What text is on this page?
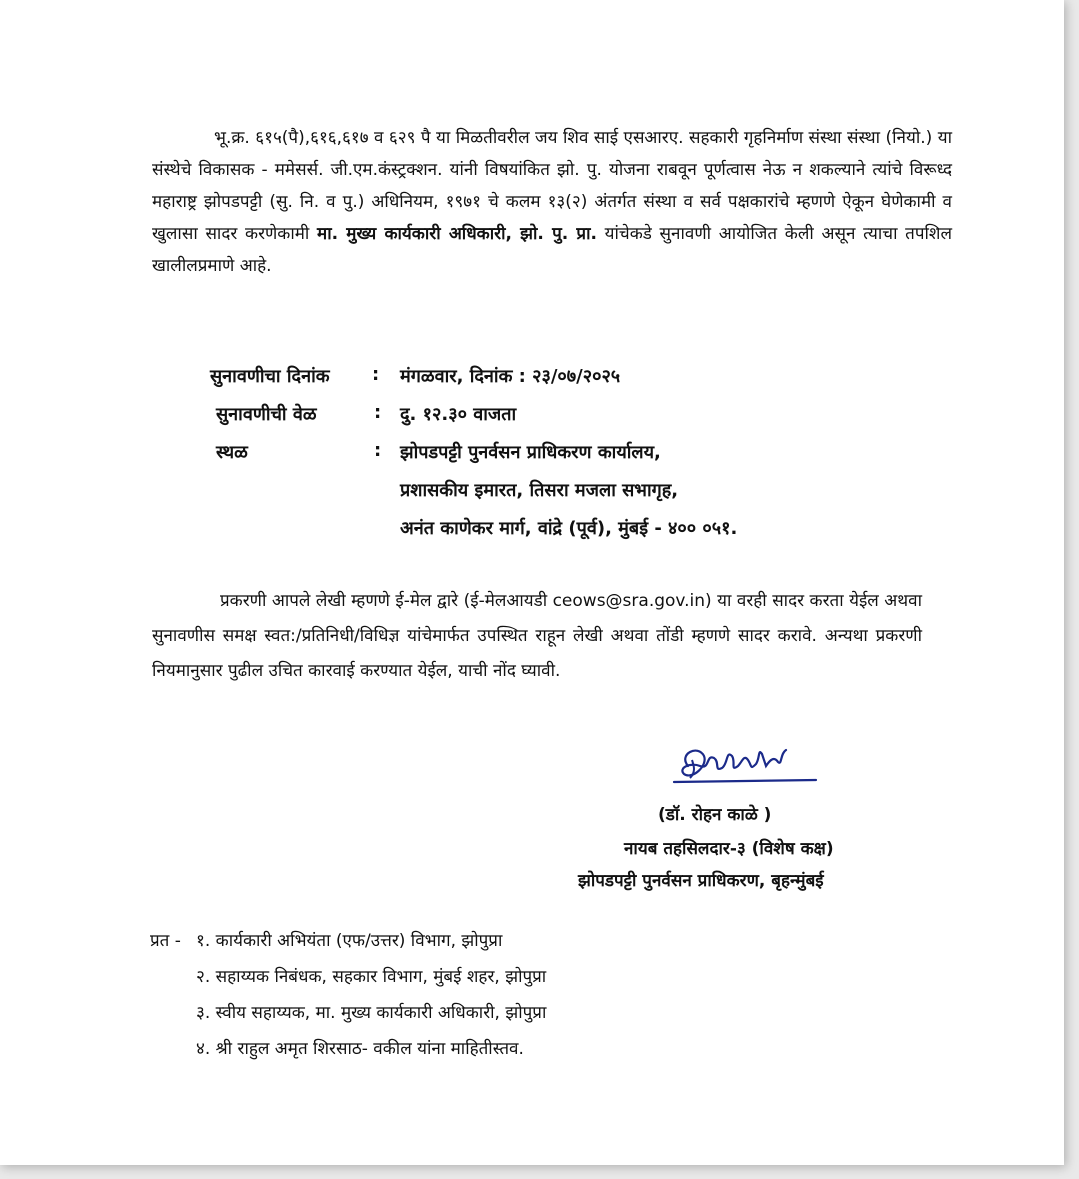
भू.क्र. ६१५(पै),६१६,६१७ व ६२९ पै या मिळतीवरील जय शिव साई एसआरए. सहकारी गृहनिर्माण संस्था संस्था (नियो.) या संस्थेचे विकासक - ममेसर्स. जी.एम.कंस्ट्रक्शन. यांनी विषयांकित झो. पु. योजना राबवून पूर्णत्वास नेऊ न शकल्याने त्यांचे विरूध्द महाराष्ट्र झोपडपट्टी (सु. नि. व पु.) अधिनियम, १९७१ चे कलम १३(२) अंतर्गत संस्था व सर्व पक्षकारांचे म्हणणे ऐकून घेणेकामी व खुलासा सादर करणेकामी मा. मुख्य कार्यकारी अधिकारी, झो. पु. प्रा. यांचेकडे सुनावणी आयोजित केली असून त्याचा तपशिल खालीलप्रमाणे आहे.
सुनावणीचा दिनांक : मंगळवार, दिनांक : २३/०७/२०२५
सुनावणीची वेळ	: दु. १२.३० वाजता
स्थळ	: झोपडपट्टी पुनर्वसन प्राधिकरण कार्यालय,
प्रशासकीय इमारत, तिसरा मजला सभागृह,
अनंत काणेकर मार्ग, वांद्रे (पूर्व), मुंबई - ४०० ०५१.
प्रकरणी आपले लेखी म्हणणे ई-मेल द्वारे (ई-मेलआयडी ceows@sra.gov.in) या वरही सादर करता येईल अथवा सुनावणीस समक्ष स्वत:/प्रतिनिधी/विधिज्ञ यांचेमार्फत उपस्थित राहून लेखी अथवा तोंडी म्हणणे सादर करावे. अन्यथा प्रकरणी नियमानुसार पुढील उचित कारवाई करण्यात येईल, याची नोंद घ्यावी.
(डॉ. रोहन काळे )
नायब तहसिलदार-३ (विशेष कक्ष)
झोपडपट्टी पुनर्वसन प्राधिकरण, बृहन्मुंबई
प्रत - १. कार्यकारी अभियंता (एफ/उत्तर) विभाग, झोपुप्रा
२. सहाय्यक निबंधक, सहकार विभाग, मुंबई शहर, झोपुप्रा
३. स्वीय सहाय्यक, मा. मुख्य कार्यकारी अधिकारी, झोपुप्रा
४. श्री राहुल अमृत शिरसाठ- वकील यांना माहितीस्तव.
